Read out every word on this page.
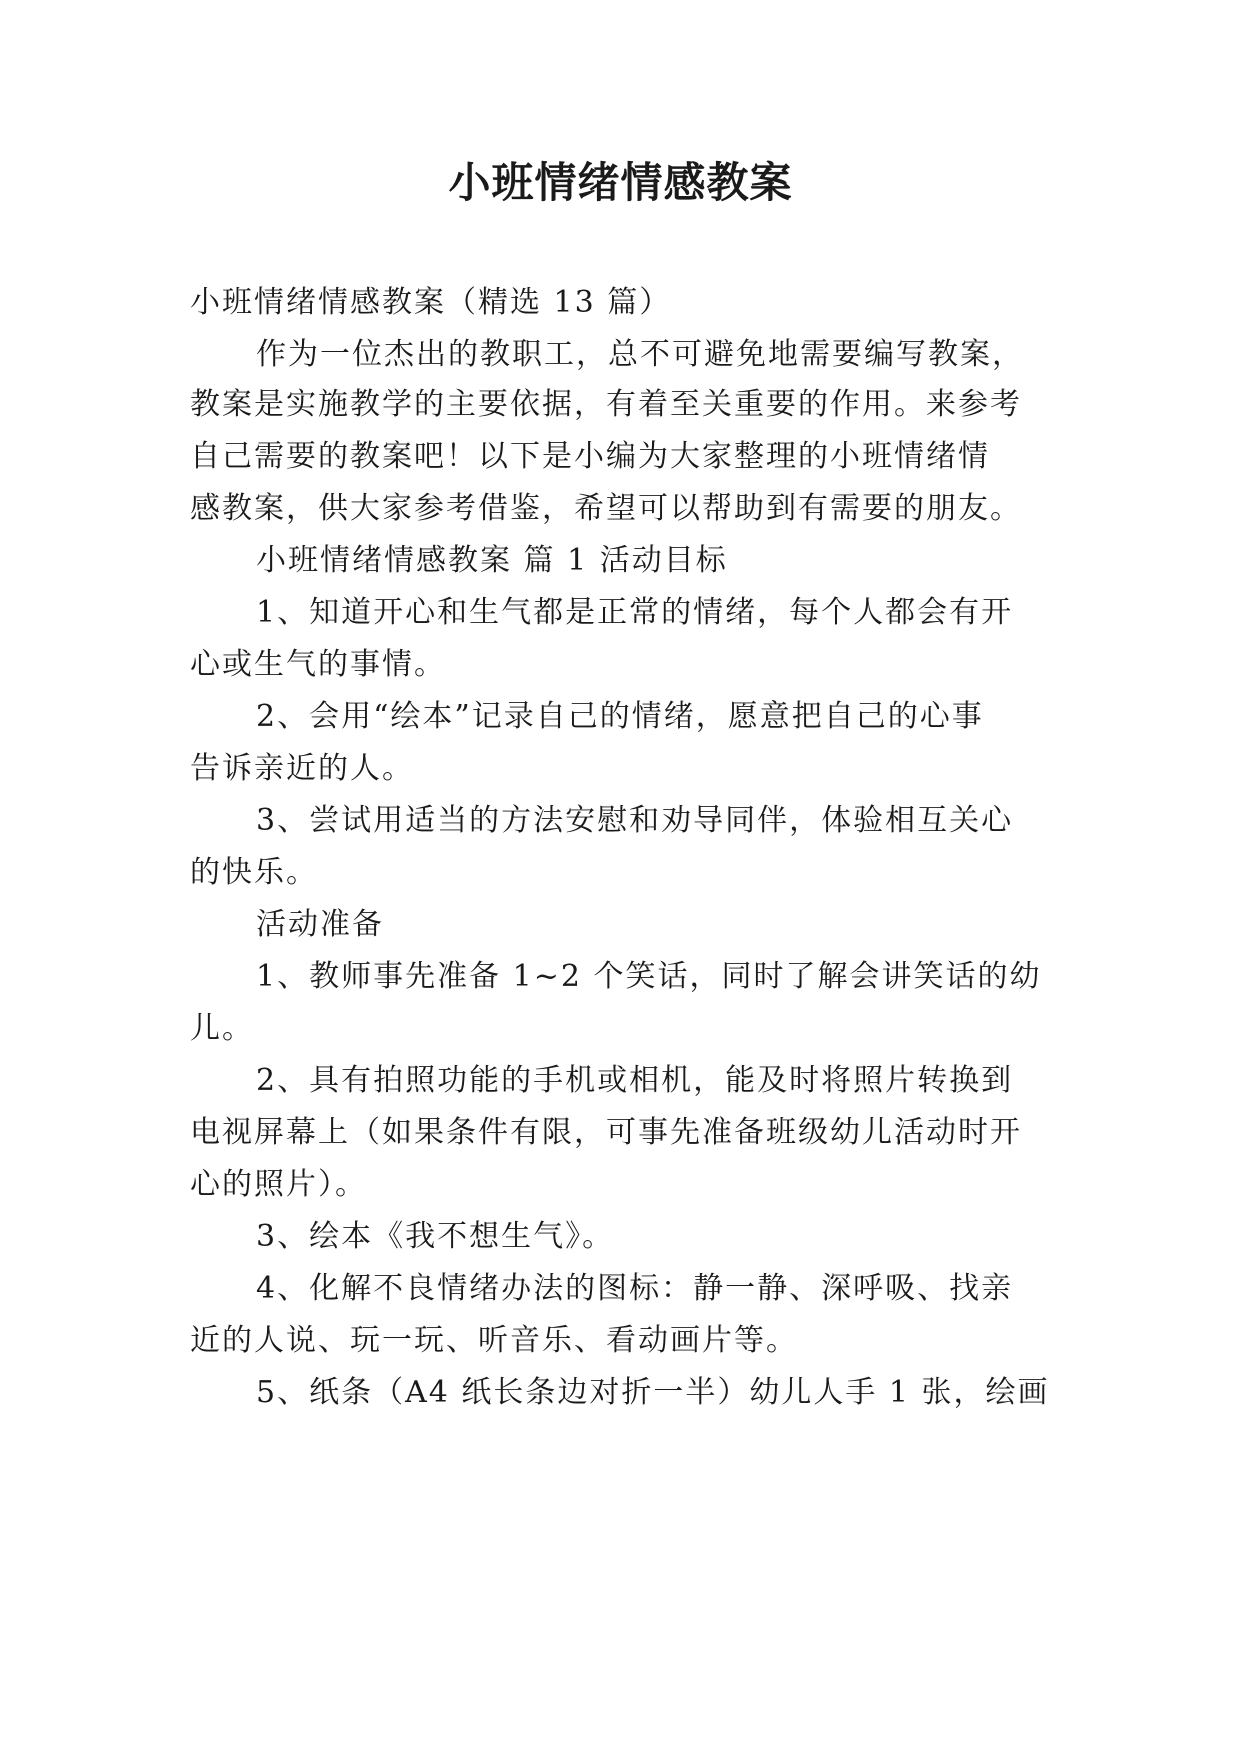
小班情绪情感教案
小班情绪情感教案（精选 13 篇）
作为一位杰出的教职工，总不可避免地需要编写教案，
教案是实施教学的主要依据，有着至关重要的作用。来参考
自己需要的教案吧！以下是小编为大家整理的小班情绪情
感教案，供大家参考借鉴，希望可以帮助到有需要的朋友。
小班情绪情感教案 篇 1 活动目标
1、知道开心和生气都是正常的情绪，每个人都会有开
心或生气的事情。
2、会用“绘本”记录自己的情绪，愿意把自己的心事
告诉亲近的人。
3、尝试用适当的方法安慰和劝导同伴，体验相互关心
的快乐。
活动准备
1、教师事先准备 1~2 个笑话，同时了解会讲笑话的幼
儿。
2、具有拍照功能的手机或相机，能及时将照片转换到
电视屏幕上（如果条件有限，可事先准备班级幼儿活动时开
心的照片）。
3、绘本《我不想生气》。
4、化解不良情绪办法的图标：静一静、深呼吸、找亲
近的人说、玩一玩、听音乐、看动画片等。
5、纸条（A4 纸长条边对折一半）幼儿人手 1 张，绘画
